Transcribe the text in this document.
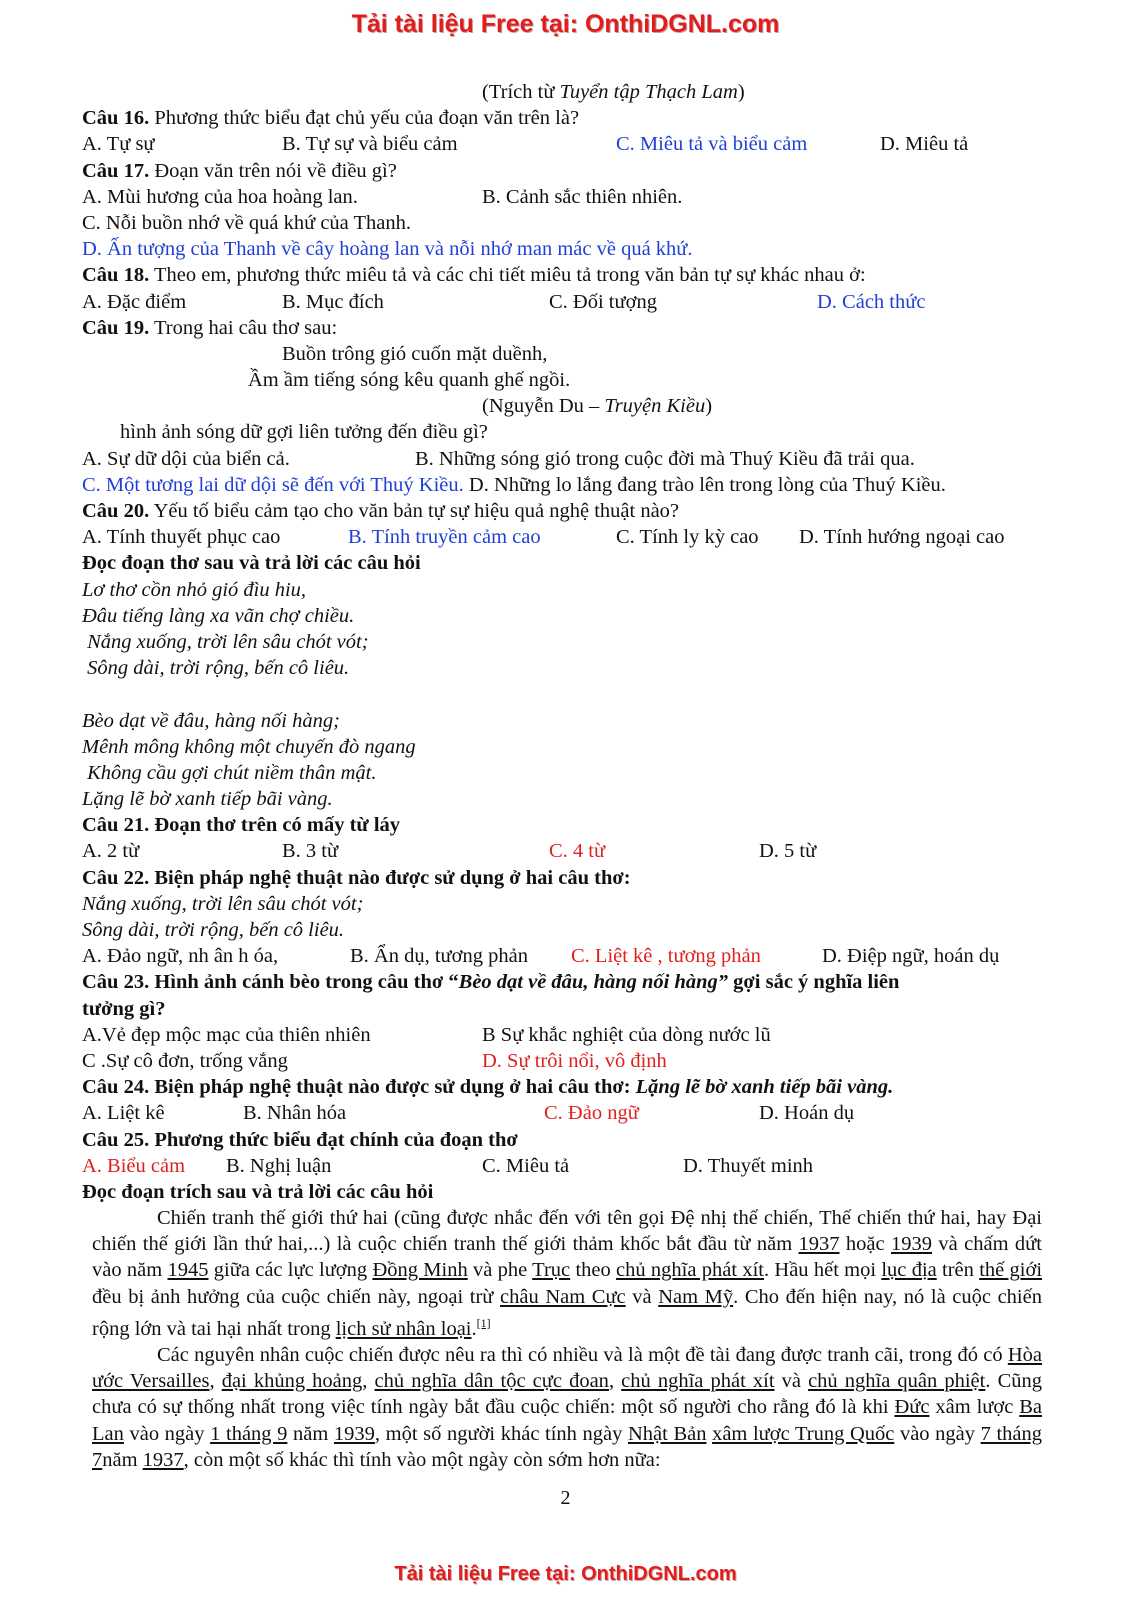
Tải tài liệu Free tại: OnthiDGNL.com
(Trích từ Tuyển tập Thạch Lam)
Câu 16. Phương thức biểu đạt chủ yếu của đoạn văn trên là?
A. Tự sự	B. Tự sự và biểu cảm	C. Miêu tả và biểu cảm	D. Miêu tả
Câu 17. Đoạn văn trên nói về điều gì?
A. Mùi hương của hoa hoàng lan.	B. Cảnh sắc thiên nhiên.
C. Nỗi buồn nhớ về quá khứ của Thanh.
D. Ấn tượng của Thanh về cây hoàng lan và nỗi nhớ man mác về quá khứ.
Câu 18. Theo em, phương thức miêu tả và các chi tiết miêu tả trong văn bản tự sự khác nhau ở:
A. Đặc điểm	B. Mục đích	C. Đối tượng	D. Cách thức
Câu 19. Trong hai câu thơ sau:
Buồn trông gió cuốn mặt duềnh,
Ầm ầm tiếng sóng kêu quanh ghế ngồi.
(Nguyễn Du – Truyện Kiều)
hình ảnh sóng dữ gợi liên tưởng đến điều gì?
A. Sự dữ dội của biển cả.	B. Những sóng gió trong cuộc đời mà Thuý Kiều đã trải qua.
C. Một tương lai dữ dội sẽ đến với Thuý Kiều. D. Những lo lắng đang trào lên trong lòng của Thuý Kiều.
Câu 20. Yếu tố biểu cảm tạo cho văn bản tự sự hiệu quả nghệ thuật nào?
A. Tính thuyết phục cao	B. Tính truyền cảm cao	C. Tính ly kỳ cao D. Tính hướng ngoại cao
Đọc đoạn thơ sau và trả lời các câu hỏi
Lơ thơ cồn nhỏ gió đìu hiu,
Đâu tiếng làng xa vãn chợ chiều.
Nắng xuống, trời lên sâu chót vót;
Sông dài, trời rộng, bến cô liêu.
Bèo dạt về đâu, hàng nối hàng;
Mênh mông không một chuyến đò ngang
Không cầu gợi chút niềm thân mật.
Lặng lẽ bờ xanh tiếp bãi vàng.
Câu 21. Đoạn thơ trên có mấy từ láy
A. 2 từ	B. 3 từ	C. 4 từ	D. 5 từ
Câu 22. Biện pháp nghệ thuật nào được sử dụng ở hai câu thơ:
Nắng xuống, trời lên sâu chót vót;
Sông dài, trời rộng, bến cô liêu.
A. Đảo ngữ, nh ân h óa,	B. Ẩn dụ, tương phản C. Liệt kê , tương phản	D. Điệp ngữ, hoán dụ
Câu 23. Hình ảnh cánh bèo trong câu thơ “Bèo dạt về đâu, hàng nối hàng” gợi sắc ý nghĩa liên
tưởng gì?
A.Vẻ đẹp mộc mạc của thiên nhiên	B Sự khắc nghiệt của dòng nước lũ
C .Sự cô đơn, trống vắng	D. Sự trôi nổi, vô định
Câu 24. Biện pháp nghệ thuật nào được sử dụng ở hai câu thơ: Lặng lẽ bờ xanh tiếp bãi vàng.
A. Liệt kê	B. Nhân hóa	C. Đảo ngữ	D. Hoán dụ
Câu 25. Phương thức biểu đạt chính của đoạn thơ
A. Biểu cảm B. Nghị luận	C. Miêu tả	D. Thuyết minh
Đọc đoạn trích sau và trả lời các câu hỏi
Chiến tranh thế giới thứ hai (cũng được nhắc đến với tên gọi Đệ nhị thế chiến, Thế chiến thứ hai, hay Đại chiến thế giới lần thứ hai,...) là cuộc chiến tranh thế giới thảm khốc bắt đầu từ năm 1937 hoặc 1939 và chấm dứt vào năm 1945 giữa các lực lượng Đồng Minh và phe Trục theo chủ nghĩa phát xít. Hầu hết mọi lục địa trên thế giới đều bị ảnh hưởng của cuộc chiến này, ngoại trừ châu Nam Cực và Nam Mỹ. Cho đến hiện nay, nó là cuộc chiến rộng lớn và tai hại nhất trong lịch sử nhân loại.[1]
Các nguyên nhân cuộc chiến được nêu ra thì có nhiều và là một đề tài đang được tranh cãi, trong đó có Hòa ước Versailles, đại khủng hoảng, chủ nghĩa dân tộc cực đoan, chủ nghĩa phát xít và chủ nghĩa quân phiệt. Cũng chưa có sự thống nhất trong việc tính ngày bắt đầu cuộc chiến: một số người cho rằng đó là khi Đức xâm lược Ba Lan vào ngày 1 tháng 9 năm 1939, một số người khác tính ngày Nhật Bản xâm lược Trung Quốc vào ngày 7 tháng 7năm 1937, còn một số khác thì tính vào một ngày còn sớm hơn nữa:
2
Tải tài liệu Free tại: OnthiDGNL.com
